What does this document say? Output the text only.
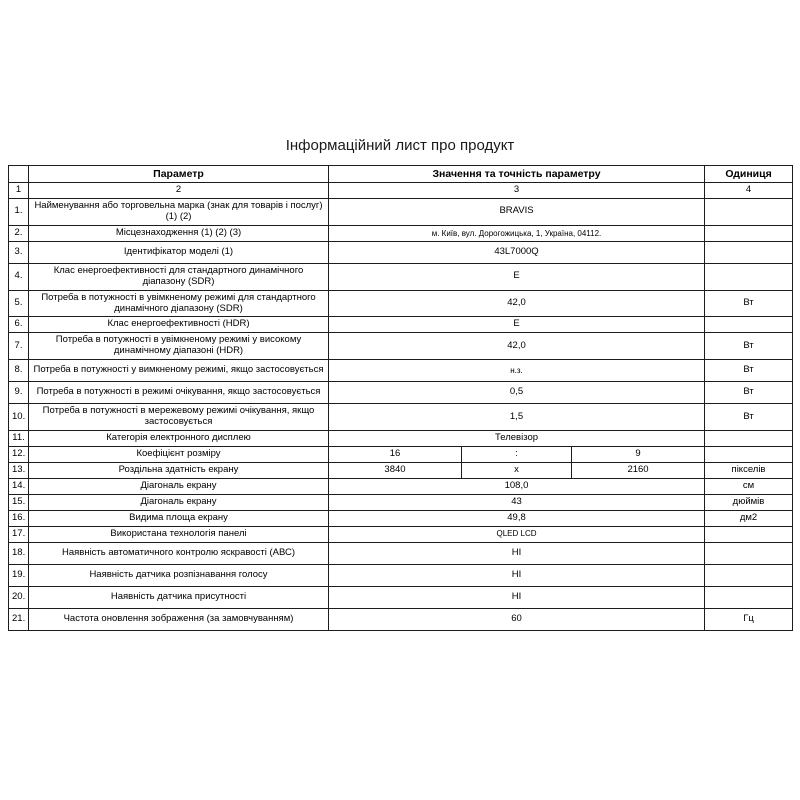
Інформаційний лист про продукт
	Параметр	Значення та точність параметру			Одиниця
1	2	3			4
1.	Найменування або торговельна марка (знак для товарів і послуг)(1) (2)	BRAVIS			
2.	Місцезнаходження (1) (2) (3)	м. Київ, вул. Дорогожицька, 1, Україна, 04112.			
3.	Ідентифікатор моделі (1)	43L7000Q			
4.	Клас енергоефективності для стандартного динамічного діапазону (SDR)	E			
5.	Потреба в потужності в увімкненому режимі для стандартного динамічного діапазону (SDR)	42,0			Вт
6.	Клас енергоефективності (HDR)	E			
7.	Потреба в потужності в увімкненому режимі у високому динамічному діапазоні (HDR)	42,0			Вт
8.	Потреба в потужності у вимкненому режимі, якщо застосовується	н.з.			Вт
9.	Потреба в потужності в режимі очікування, якщо застосовується	0,5			Вт
10.	Потреба в потужності в мережевому режимі очікування, якщо застосовується	1,5			Вт
11.	Категорія електронного дисплею	Телевізор			
12.	Коефіцієнт розміру	16	:	9	
13.	Роздільна здатність екрану	3840	х	2160	пікселів
14.	Діагональ екрану	108,0			см
15.	Діагональ екрану	43			дюймів
16.	Видима площа екрану	49,8			дм2
17.	Використана технологія панелі	QLED LCD			
18.	Наявність автоматичного контролю яскравості (АВС)	НІ			
19.	Наявність датчика розпізнавання голосу	НІ			
20.	Наявність датчика присутності	НІ			
21.	Частота оновлення зображення (за замовчуванням)	60			Гц
